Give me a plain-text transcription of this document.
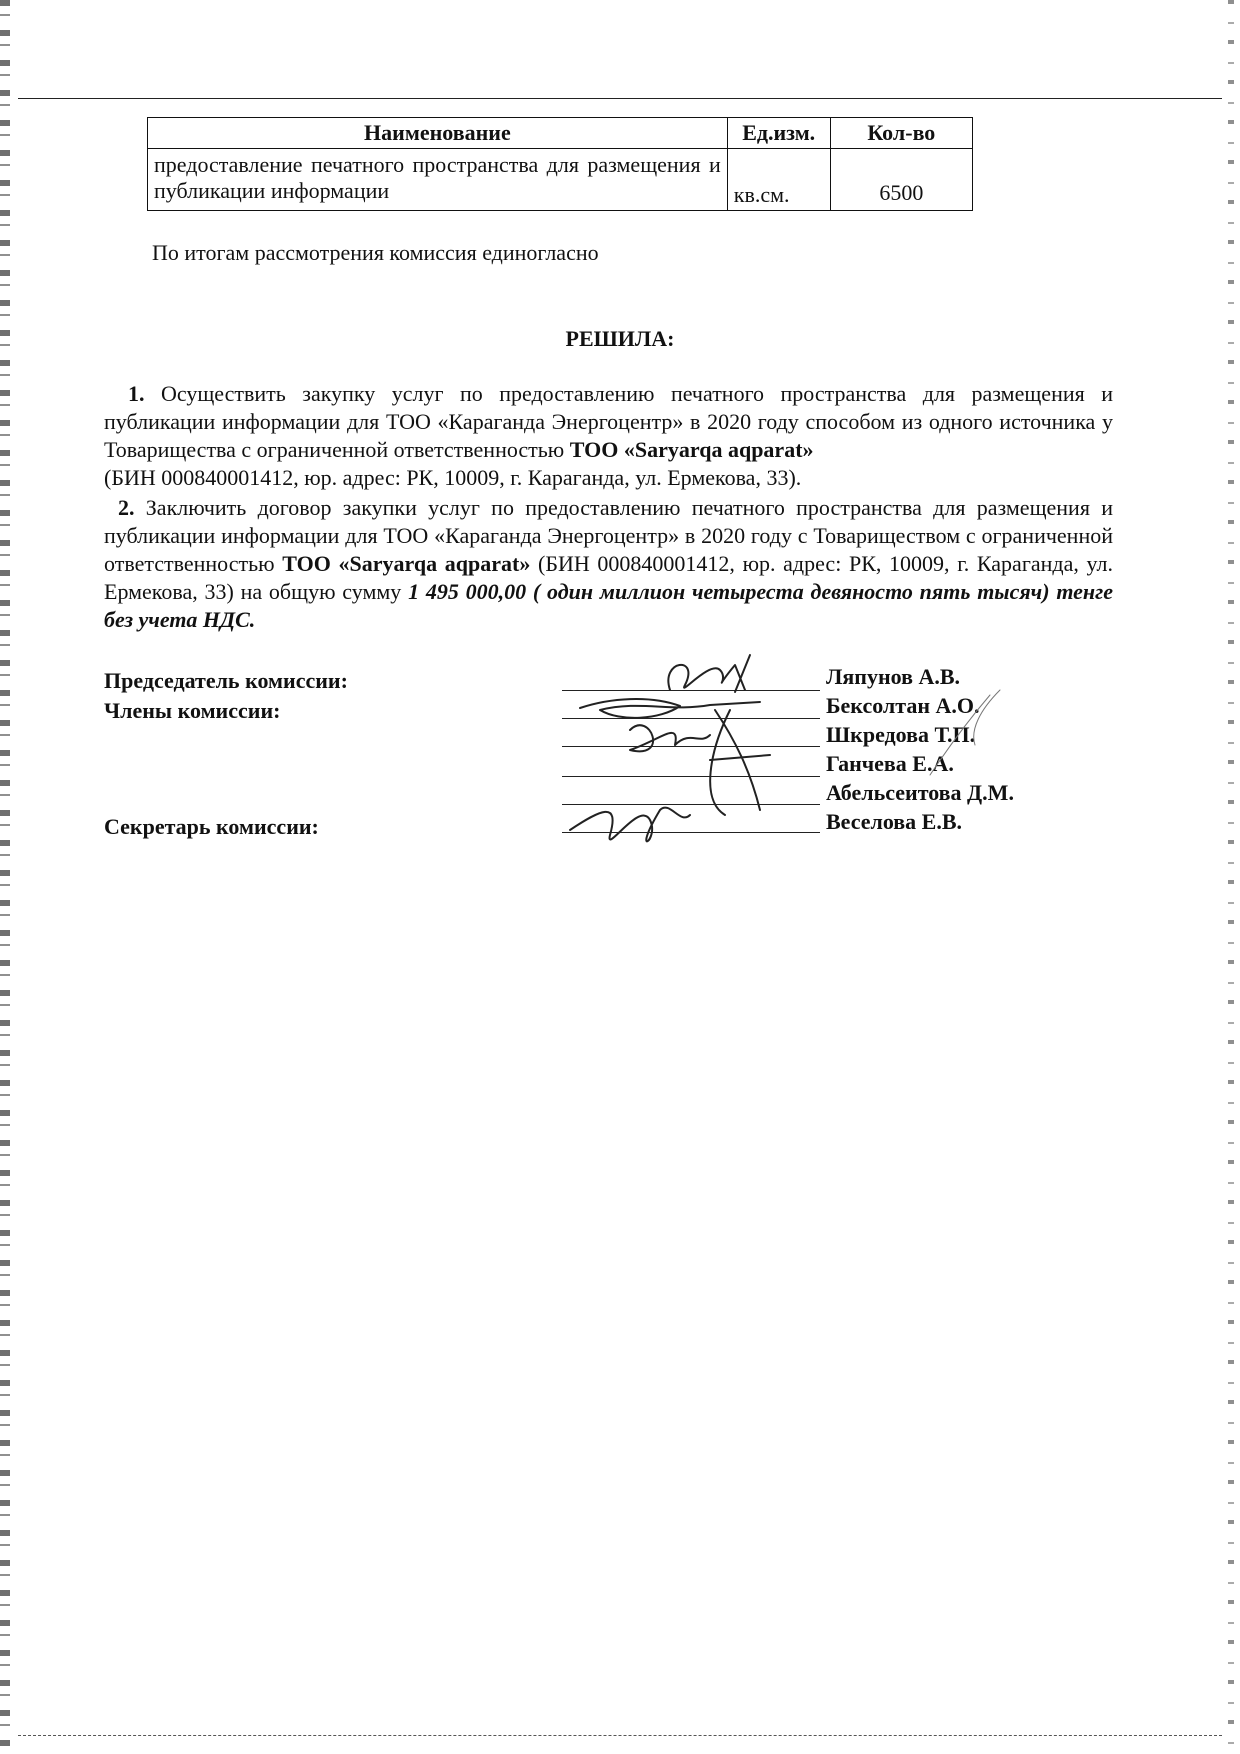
Наименование	Ед.изм.	Кол-во
предоставление печатного пространства для размещения и публикации информации	кв.см.	6500
По итогам рассмотрения комиссия единогласно
РЕШИЛА:
1. Осуществить закупку услуг по предоставлению печатного пространства для размещения и публикации информации для ТОО «Караганда Энергоцентр» в 2020 году способом из одного источника у Товарищества с ограниченной ответственностью ТОО «Saryarqa aqparat»
(БИН 000840001412, юр. адрес: РК, 10009, г. Караганда, ул. Ермекова, 33).
2. Заключить договор закупки услуг по предоставлению печатного пространства для размещения и публикации информации для ТОО «Караганда Энергоцентр» в 2020 году с Товариществом с ограниченной ответственностью ТОО «Saryarqa aqparat» (БИН 000840001412, юр. адрес: РК, 10009, г. Караганда, ул. Ермекова, 33) на общую сумму 1 495 000,00 ( один миллион четыреста девяносто пять тысяч) тенге без учета НДС.
Председатель комиссии:
Члены комиссии:
Секретарь комиссии:
Ляпунов А.В.
Бексолтан А.О.
Шкредова Т.П.
Ганчева Е.А.
Абельсеитова Д.М.
Веселова Е.В.
